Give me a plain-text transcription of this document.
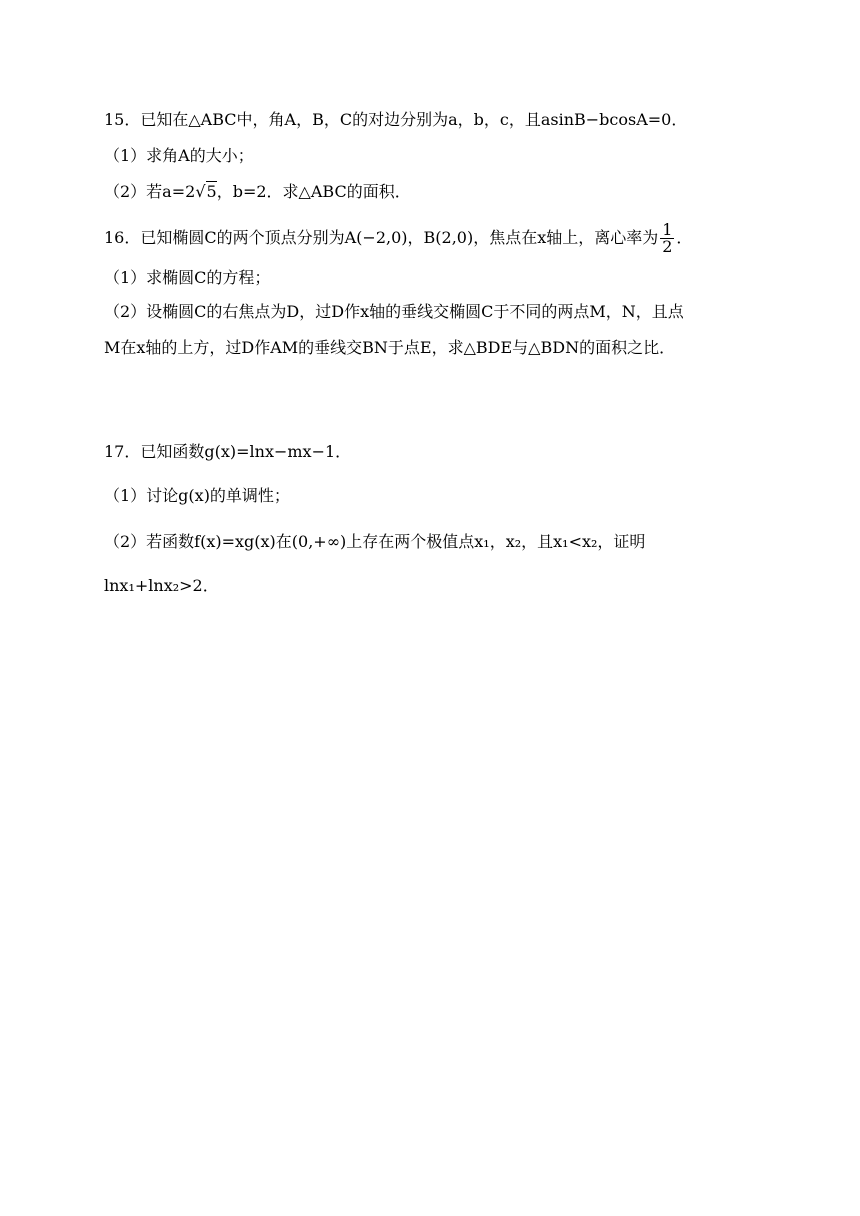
15．已知在△ABC中，角A，B，C的对边分别为a，b，c，且asinB−bcosA=0．
（1）求角A的大小；
（2）若a=2√5，b=2．求△ABC的面积．
16．已知椭圆C的两个顶点分别为A(−2,0)，B(2,0)，焦点在x轴上，离心率为 $\frac{1}{2}$ ．
（1）求椭圆C的方程；
（2）设椭圆C的右焦点为D，过D作x轴的垂线交椭圆C于不同的两点M，N，且点
M在x轴的上方，过D作AM的垂线交BN于点E，求△BDE与△BDN的面积之比．
17．已知函数g(x)=lnx−mx−1．
（1）讨论g(x)的单调性；
（2）若函数f(x)=xg(x)在(0,+∞)上存在两个极值点x₁，x₂，且x₁<x₂，证明
lnx₁+lnx₂>2．
